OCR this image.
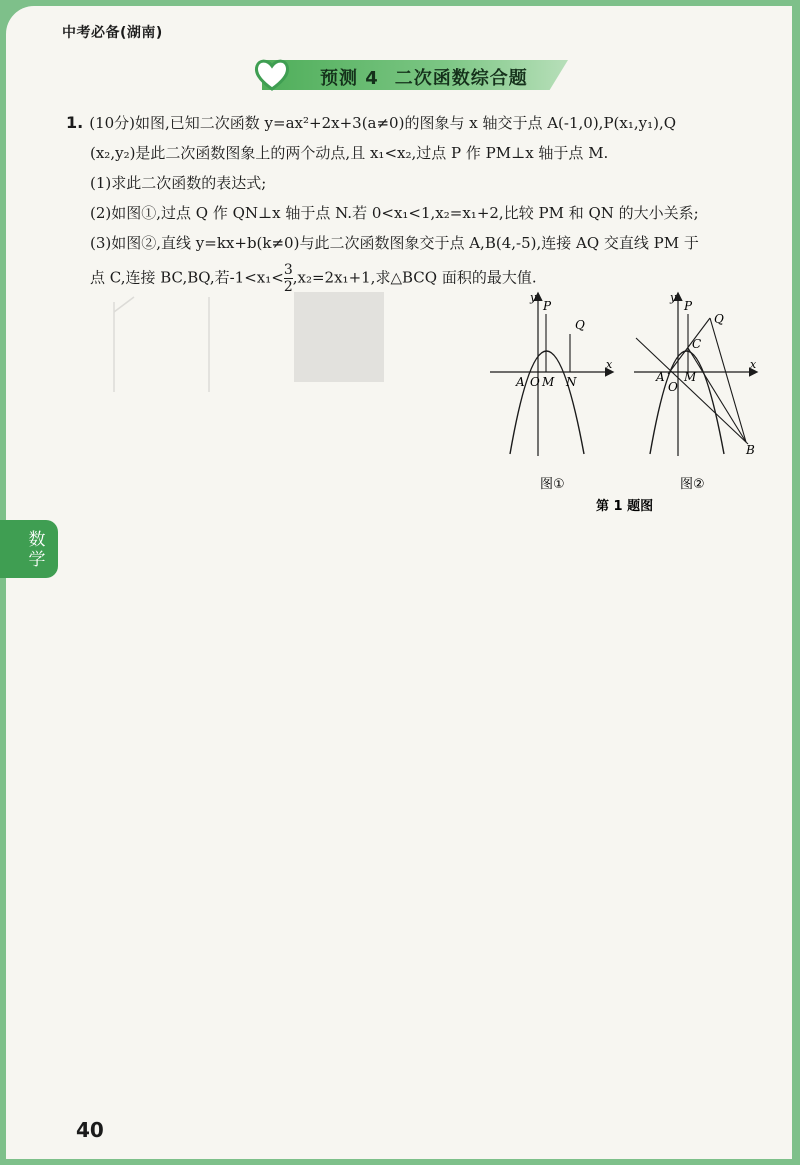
中考必备(湖南)
预测 4 二次函数综合题

1. (10分)如图,已知二次函数 y=ax²+2x+3(a≠0)的图象与 x 轴交于点 A(-1,0),P(x₁,y₁),Q

(x₂,y₂)是此二次函数图象上的两个动点,且 x₁<x₂,过点 P 作 PM⊥x 轴于点 M.

(1)求此二次函数的表达式;

(2)如图①,过点 Q 作 QN⊥x 轴于点 N.若 0<x₁<1,x₂=x₁+2,比较 PM 和 QN 的大小关系;

(3)如图②,直线 y=kx+b(k≠0)与此二次函数图象交于点 A,B(4,-5),连接 AQ 交直线 PM 于

点 C,连接 BC,BQ,若$-1<x_1< \frac{3}{2} ,x_2=2x_1+1$,求△BCQ 面积的最大值.

y
x
P
Q
A O M N
图①
y
x
P
Q
C
A
O
M
B
图②
第 1 题图
数学
40
